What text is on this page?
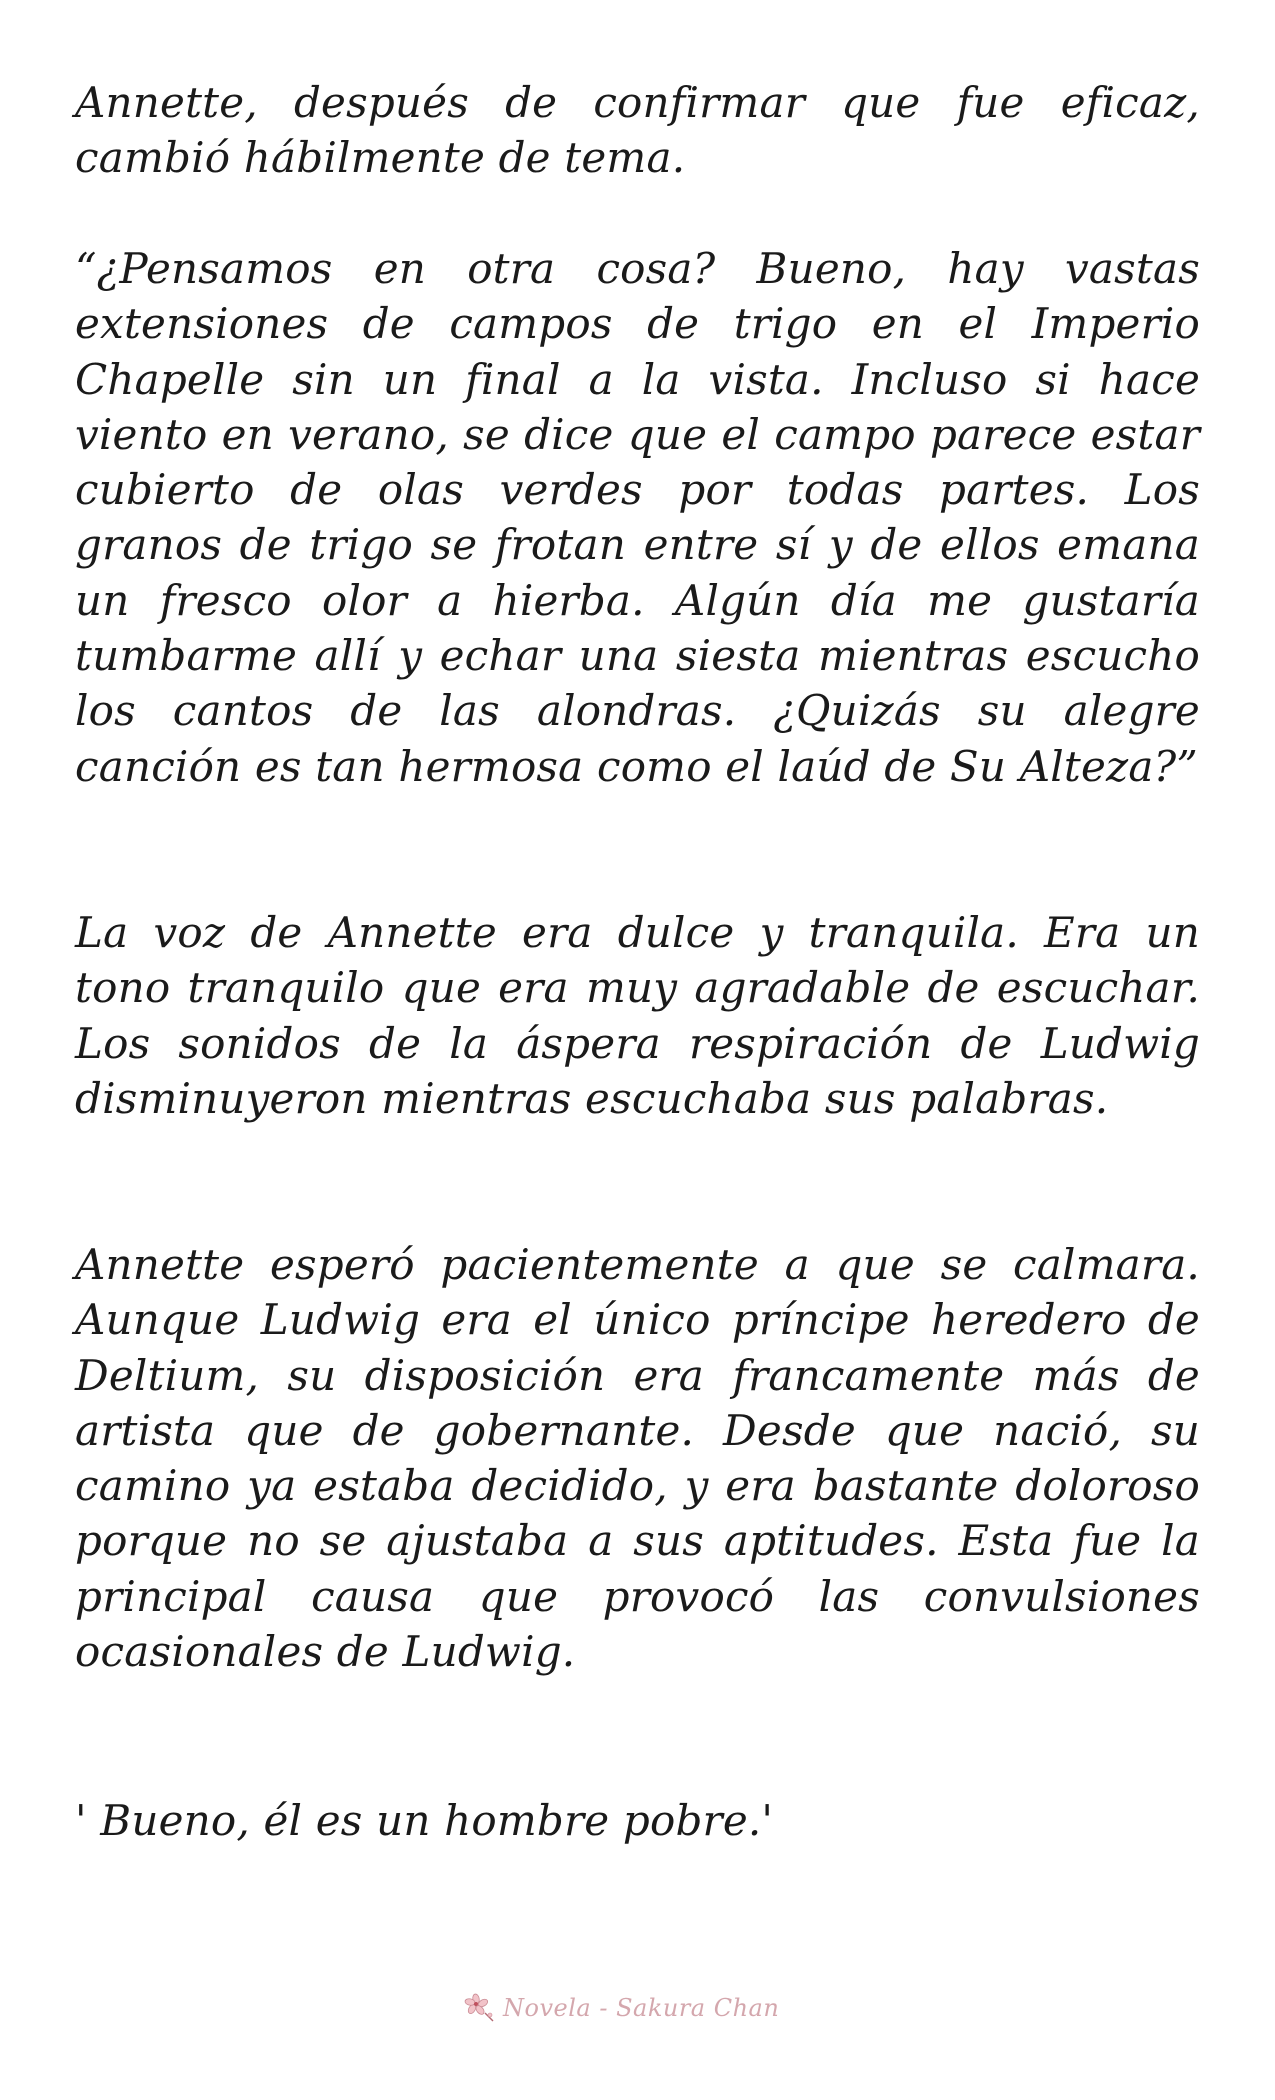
Annette, después de confirmar que fue eficaz, cambió hábilmente de tema.

“¿Pensamos en otra cosa? Bueno, hay vastas extensiones de campos de trigo en el Imperio Chapelle sin un final a la vista. Incluso si hace viento en verano, se dice que el campo parece estar cubierto de olas verdes por todas partes. Los granos de trigo se frotan entre sí y de ellos emana un fresco olor a hierba. Algún día me gustaría tumbarme allí y echar una siesta mientras escucho los cantos de las alondras. ¿Quizás su alegre canción es tan hermosa como el laúd de Su Alteza?”

La voz de Annette era dulce y tranquila. Era un tono tranquilo que era muy agradable de escuchar. Los sonidos de la áspera respiración de Ludwig disminuyeron mientras escuchaba sus palabras.

Annette esperó pacientemente a que se calmara. Aunque Ludwig era el único príncipe heredero de Deltium, su disposición era francamente más de artista que de gobernante. Desde que nació, su camino ya estaba decidido, y era bastante doloroso porque no se ajustaba a sus aptitudes. Esta fue la principal causa que provocó las convulsiones ocasionales de Ludwig.

' Bueno, él es un hombre pobre.'

Novela - Sakura Chan
